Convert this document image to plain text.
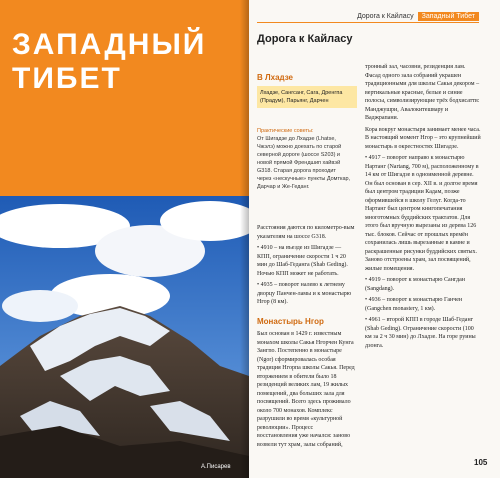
ЗАПАДНЫЙ
ТИБЕТ
А.Писарев
Дорога к Кайласу Западный Тибет
Дорога к Кайласу
В Лхадзе
Лхадзе, Сангсанг, Сага, Дренгпа (Прадум), Парьянг, Дарчен
Практические советы:
От Шигадзе до Лхадзе (Lhatse,
Чжэлэ) можно доехать по старой
северной дороге (шоссе S203) и
новой прямой Френдшип хайвэй
G318. Старая дорога проходит
через «нескучные» пункты Домткар,
Дарчар и Же-Геданг.

Расстояния даются по километро-вым указателям на шоссе G318.

• 4910 – на въезде из Шигадзе — КПП, ограничение скорости 1 ч 20 мин до Шаб-Геданга (Shab Geding). Ночью КПП может не работать.

• 4935 – поворот налево к летнему дворцу Панчен-ламы и к монастырю Нгор (8 км).

Монастырь Нгор

Был основан в 1429 г. известным монахом школы Сакья Нгорчен Кунга Зангпо. Постепенно в монастыре (Ngor) сформировалась особая традиция Нгорпа школы Сакья. Перед вторжением в обители было 18 резиденций великих лам, 19 жилых помещений, два больших зала для посвящений. Всего здесь проживало около 700 монахов. Комплекс разрушили во время «культурной революции». Процесс восстановления уже начался: заново возвели тут храм, залы собраний,

тронный зал, часовни, резиденция лам. Фасад одного зала собраний украшен традиционными для школы Сакья декором – вертикальные красные, белые и синие полосы, символизирующие трёх бодхисаттв: Манджушри, Авалокитешвару и Ваджрапани.

Кора вокруг монастыря занимает менее часа. В настоящий момент Нгор – это крупнейший монастырь в окрестностях Шигадзе.

• 4917 – поворот направо к монастырю Нартанг (Nartang, 700 м), расположенному в 14 км от Шигадзе в одноименной деревне. Он был основан в сер. XII в. и долгое время был центром традиции Кадам, позже оформившейся в школу Гелуг. Когда-то Нартанг был центром книгопечатания многотомных буддийских трактатов. Для этого был вручную вырезаны из дерева 126 тыс. блоков. Сейчас от прошлых времён сохранилась лишь вырезанные в камне и раскрашенные рисунки буддийских святых. Заново отстроены храм, зал посвящений, жилые помещения.

• 4919 – поворот к монастырю Сангдан (Sangdang).

• 4936 – поворот к монастырю Ганчен (Gangchen monastery, 1 км).

• 4961 – второй КПП в городе Шаб-Геданг (Shab Geding). Ограничение скорости (100 км за 2 ч 30 мин) до Лхадзе. На горе руины дзонга.

105
